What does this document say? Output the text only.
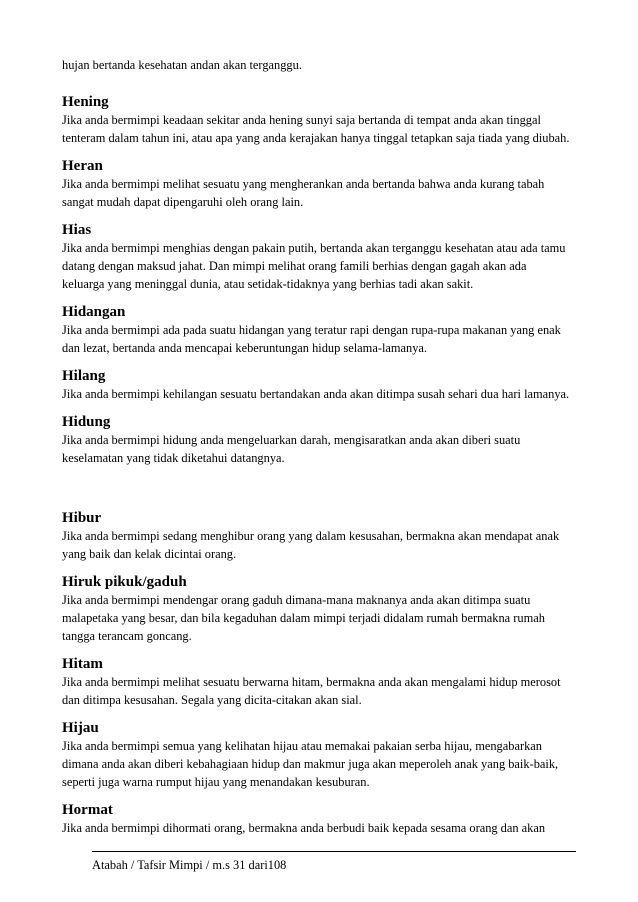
hujan bertanda kesehatan andan akan terganggu.
Hening

Jika anda bermimpi keadaan sekitar anda hening sunyi saja bertanda di tempat anda akan tinggal tenteram dalam tahun ini, atau apa yang anda kerajakan hanya tinggal tetapkan saja tiada yang diubah.

Heran

Jika anda bermimpi melihat sesuatu yang mengherankan anda bertanda bahwa anda kurang tabah sangat mudah dapat dipengaruhi oleh orang lain.

Hias

Jika anda bermimpi menghias dengan pakain putih, bertanda akan terganggu kesehatan atau ada tamu datang dengan maksud jahat. Dan mimpi melihat orang famili berhias dengan gagah akan ada keluarga yang meninggal dunia, atau setidak-tidaknya yang berhias tadi akan sakit.

Hidangan

Jika anda bermimpi ada pada suatu hidangan yang teratur rapi dengan rupa-rupa makanan yang enak dan lezat, bertanda anda mencapai keberuntungan hidup selama-lamanya.

Hilang

Jika anda bermimpi kehilangan sesuatu bertandakan anda akan ditimpa susah sehari dua hari lamanya.

Hidung

Jika anda bermimpi hidung anda mengeluarkan darah, mengisaratkan anda akan diberi suatu keselamatan yang tidak diketahui datangnya.

Hibur

Jika anda bermimpi sedang menghibur orang yang dalam kesusahan, bermakna akan mendapat anak yang baik dan kelak dicintai orang.

Hiruk pikuk/gaduh

Jika anda bermimpi mendengar orang gaduh dimana-mana maknanya anda akan ditimpa suatu malapetaka yang besar, dan bila kegaduhan dalam mimpi terjadi didalam rumah bermakna rumah tangga terancam goncang.

Hitam

Jika anda bermimpi melihat sesuatu berwarna hitam, bermakna anda akan mengalami hidup merosot dan ditimpa kesusahan. Segala yang dicita-citakan akan sial.

Hijau

Jika anda bermimpi semua yang kelihatan hijau atau memakai pakaian serba hijau, mengabarkan dimana anda akan diberi kebahagiaan hidup dan makmur juga akan meperoleh anak yang baik-baik, seperti juga warna rumput hijau yang menandakan kesuburan.

Hormat

Jika anda bermimpi dihormati orang, bermakna anda berbudi baik kepada sesama orang dan akan

Atabah / Tafsir Mimpi / m.s 31 dari108
